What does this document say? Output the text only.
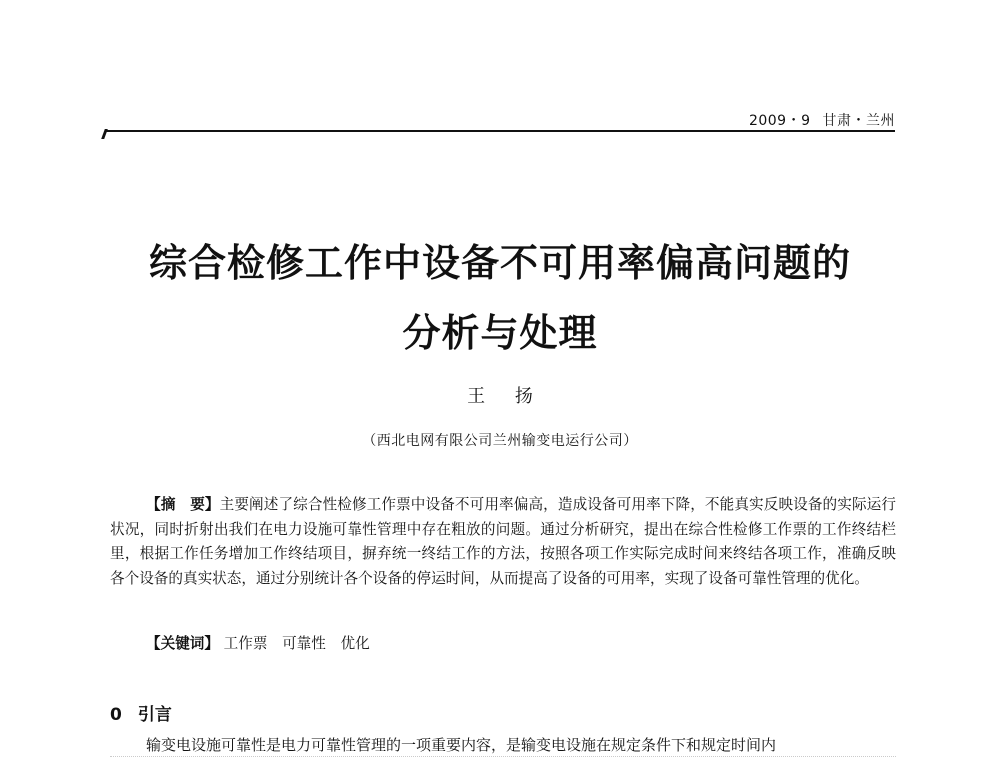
2009・9 甘肃・兰州
综合检修工作中设备不可用率偏高问题的
分析与处理
王 扬
（西北电网有限公司兰州输变电运行公司）
【摘　要】主要阐述了综合性检修工作票中设备不可用率偏高，造成设备可用率下降，不能真实反映设备的实际运行状况，同时折射出我们在电力设施可靠性管理中存在粗放的问题。通过分析研究，提出在综合性检修工作票的工作终结栏里，根据工作任务增加工作终结项目，摒弃统一终结工作的方法，按照各项工作实际完成时间来终结各项工作，准确反映各个设备的真实状态，通过分别统计各个设备的停运时间，从而提高了设备的可用率，实现了设备可靠性管理的优化。
【关键词】 工作票 可靠性 优化
0 引言
输变电设施可靠性是电力可靠性管理的一项重要内容，是输变电设施在规定条件下和规定时间内
